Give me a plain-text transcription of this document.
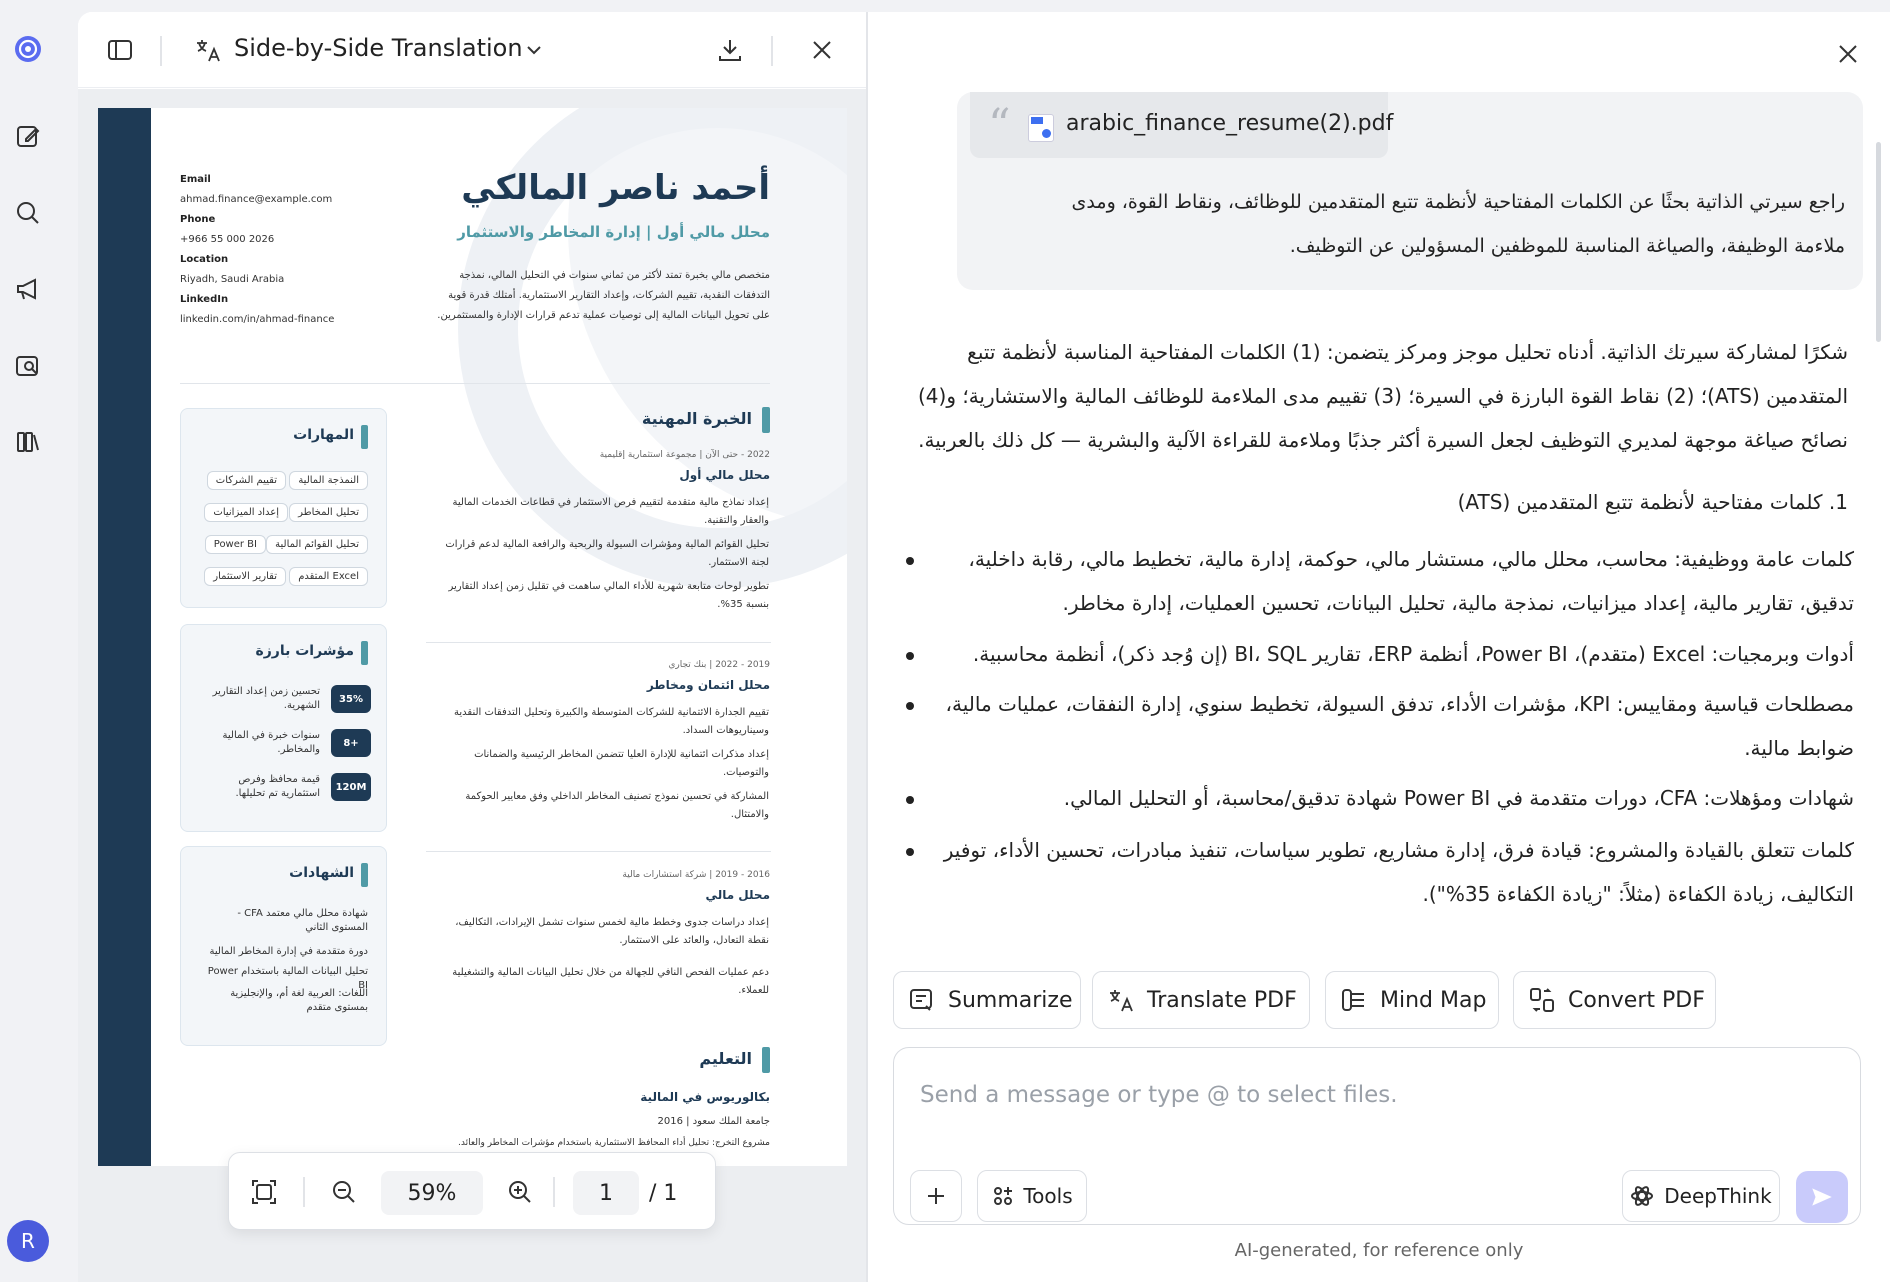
R
Side-by-Side Translation
أحمد ناصر المالكي
محلل مالي أول | إدارة المخاطر والاستثمار
متخصص مالي بخبرة تمتد لأكثر من ثماني سنوات في التحليل المالي، نمذجة
التدفقات النقدية، تقييم الشركات، وإعداد التقارير الاستثمارية. أمتلك قدرة قوية
على تحويل البيانات المالية إلى توصيات عملية تدعم قرارات الإدارة والمستثمرين.
Email
ahmad.finance@example.com
Phone
+966 55 000 2026
Location
Riyadh, Saudi Arabia
LinkedIn
linkedin.com/in/ahmad-finance
المهارات
النمذجة المالية
تقييم الشركات
تحليل المخاطر
إعداد الميزانيات
تحليل القوائم المالية
Power BI
Excel المتقدم
تقارير الاستثمار
مؤشرات بارزة
35%
تحسين زمن إعداد التقارير الشهرية.
8+
سنوات خبرة في المالية والمخاطر.
120M
قيمة محافظ وفرص استثمارية تم تحليلها.
الشهادات
شهادة محلل مالي معتمد CFA - المستوى الثاني
دورة متقدمة في إدارة المخاطر المالية
تحليل البيانات المالية باستخدام Power BI
اللغات: العربية لغة أم، والإنجليزية بمستوى متقدم
الخبرة المهنية
2022 - حتى الآن | مجموعة استثمارية إقليمية
محلل مالي أول
إعداد نماذج مالية متقدمة لتقييم فرص الاستثمار في قطاعات الخدمات المالية والعقار والتقنية.
تحليل القوائم المالية ومؤشرات السيولة والربحية والرافعة المالية لدعم قرارات لجنة الاستثمار.
تطوير لوحات متابعة شهرية للأداء المالي ساهمت في تقليل زمن إعداد التقارير بنسبة 35%.
2019 - 2022 | بنك تجاري
محلل ائتمان ومخاطر
تقييم الجدارة الائتمانية للشركات المتوسطة والكبيرة وتحليل التدفقات النقدية وسيناريوهات السداد.
إعداد مذكرات ائتمانية للإدارة العليا تتضمن المخاطر الرئيسية والضمانات والتوصيات.
المشاركة في تحسين نموذج تصنيف المخاطر الداخلي وفق معايير الحوكمة والامتثال.
2016 - 2019 | شركة استشارات مالية
محلل مالي
إعداد دراسات جدوى وخطط مالية لخمس سنوات تشمل الإيرادات، التكاليف، نقطة التعادل، والعائد على الاستثمار.
دعم عمليات الفحص النافي للجهالة من خلال تحليل البيانات المالية والتشغيلية للعملاء.
التعليم
بكالوريوس في المالية
جامعة الملك سعود | 2016
مشروع التخرج: تحليل أداء المحافظ الاستثمارية باستخدام مؤشرات المخاطر والعائد.
59%	1	/ 1
“	arabic_finance_resume(2).pdf
راجع سيرتي الذاتية بحثًا عن الكلمات المفتاحية لأنظمة تتبع المتقدمين للوظائف، ونقاط القوة، ومدى ملاءمة الوظيفة، والصياغة المناسبة للموظفين المسؤولين عن التوظيف.
شكرًا لمشاركة سيرتك الذاتية. أدناه تحليل موجز ومركز يتضمن: (1) الكلمات المفتاحية المناسبة لأنظمة تتبع المتقدمين (ATS)؛ (2) نقاط القوة البارزة في السيرة؛ (3) تقييم مدى الملاءمة للوظائف المالية والاستشارية؛ و(4) نصائح صياغة موجهة لمديري التوظيف لجعل السيرة أكثر جذبًا وملاءمة للقراءة الآلية والبشرية — كل ذلك بالعربية.
1. كلمات مفتاحية لأنظمة تتبع المتقدمين (ATS)
كلمات عامة ووظيفية: محاسب، محلل مالي، مستشار مالي، حوكمة، إدارة مالية، تخطيط مالي، رقابة داخلية، تدقيق، تقارير مالية، إعداد ميزانيات، نمذجة مالية، تحليل البيانات، تحسين العمليات، إدارة مخاطر.
أدوات وبرمجيات: Excel (متقدم)، Power BI، أنظمة ERP، تقارير BI، SQL (إن وُجد ذكر)، أنظمة محاسبية.
مصطلحات قياسية ومقاييس: KPI، مؤشرات الأداء، تدفق السيولة، تخطيط سنوي، إدارة النفقات، عمليات مالية، ضوابط مالية.
شهادات ومؤهلات: CFA، دورات متقدمة في Power BI شهادة تدقيق/محاسبة، أو التحليل المالي.
كلمات تتعلق بالقيادة والمشروع: قيادة فرق، إدارة مشاريع، تطوير سياسات، تنفيذ مبادرات، تحسين الأداء، توفير التكاليف، زيادة الكفاءة (مثلاً: "زيادة الكفاءة 35%").
Summarize	Translate PDF	Mind Map	Convert PDF
Send a message or type @ to select files.
Tools	DeepThink
AI-generated, for reference only
